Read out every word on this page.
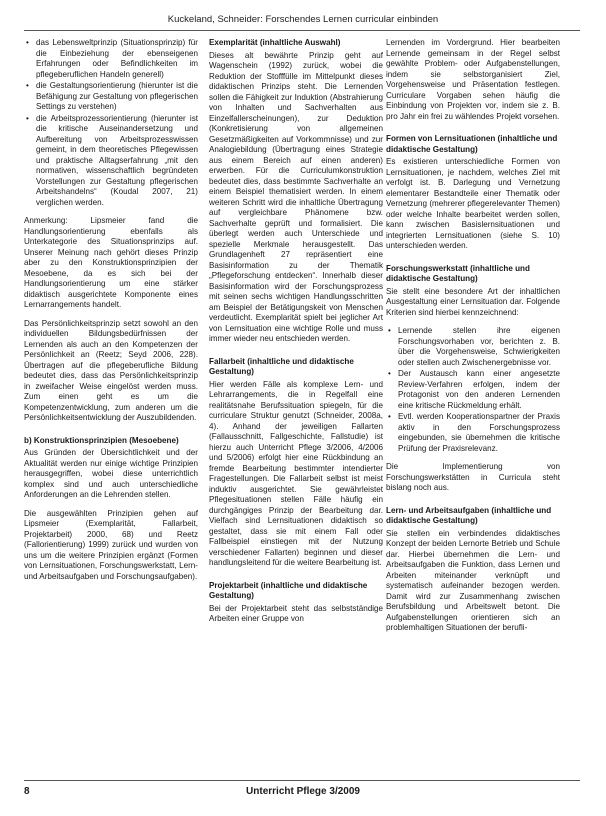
Kuckeland, Schneider: Forschendes Lernen curricular einbinden
• das Lebensweltprinzip (Situationsprinzip) für die Einbeziehung der ebenseigenen Erfahrungen oder Befindlichkeiten im pflegeberuflichen Handeln generell)
• die Gestaltungsorientierung (hierunter ist die Befähigung zur Gestaltung von pflegerischen Settings zu verstehen)
• die Arbeitsprozessorientierung (hierunter ist die kritische Auseinandersetzung und Aufbereitung von Arbeitsprozesswissen gemeint, in dem theoretisches Pflegewissen und praktische Alltagserfahrung „mit den normativen, wissenschaftlich begründeten Vorstellungen zur Gestaltung pflegerischen Arbeitshandelns“ (Koudal 2007, 21) verglichen werden.

Anmerkung: Lipsmeier fand die Handlungsorientierung ebenfalls als Unterkategorie des Situationsprinzips auf. Unserer Meinung nach gehört dieses Prinzip aber zu den Konstruktionsprinzipien der Mesoebene, da es sich bei der Handlungsorientierung um eine stärker didaktisch ausgerichtete Komponente eines Lernarrangements handelt.

Das Persönlichkeitsprinzip setzt sowohl an den individuellen Bildungsbedürfnissen der Lernenden als auch an den Kompetenzen der Persönlichkeit an (Reetz; Seyd 2006, 228). Übertragen auf die pflegeberufliche Bildung bedeutet dies, dass das Persönlichkeitsprinzip in zweifacher Weise eingelöst werden muss. Zum einen geht es um die Kompetenzentwicklung, zum anderen um die Persönlichkeitsentwicklung der Auszubildenden.

b) Konstruktionsprinzipien (Mesoebene)

Aus Gründen der Übersichtlichkeit und der Aktualität werden nur einige wichtige Prinzipien herausgegriffen, wobei diese unterrichtlich komplex sind und auch unterschiedliche Anforderungen an die Lehrenden stellen.

Die ausgewählten Prinzipien gehen auf Lipsmeier (Exemplarität, Fallarbeit, Projektarbeit) 2000, 68) und Reetz (Fallorientierung) 1999) zurück und wurden von uns um die weitere Prinzipien ergänzt (Formen von Lernsituationen, Forschungswerkstatt, Lern- und Arbeitsaufgaben und Forschungsaufgaben).

Exemplarität (inhaltliche Auswahl)

Dieses alt bewährte Prinzip geht auf Wagenschein (1992) zurück, wobei die Reduktion der Stofffülle im Mittelpunkt dieses didaktischen Prinzips steht. Die Lernenden sollen die Fähigkeit zur Induktion (Abstrahierung von Inhalten und Sachverhalten aus Einzelfallerscheinungen), zur Deduktion (Konkretisierung von allgemeinen Gesetzmäßigkeiten auf Vorkommnisse) und zur Analogiebildung (Übertragung eines Strategie aus einem Bereich auf einen anderen) erwerben. Für die Curriculumkonstruktion bedeutet dies, dass bestimmte Sachverhalte an einem Beispiel thematisiert werden. In einem weiteren Schritt wird die inhaltliche Übertragung auf vergleichbare Phänomene bzw. Sachverhalte geprüft und formalisiert. Die überlegt werden auch Unterschiede und spezielle Merkmale herausgestellt. Das Grundlagenheft 27 repräsentiert eine Basisinformation zu der Thematik „Pflegeforschung entdecken“. Innerhalb dieser Basisinformation wird der Forschungsprozess mit seinen sechs wichtigen Handlungsschritten am Beispiel der Betätigungskeit von Menschen verdeutlicht. Exemplarität spielt bei jeglicher Art von Lernsituation eine wichtige Rolle und muss immer wieder neu entschieden werden.

Fallarbeit (inhaltliche und didaktische Gestaltung)

Hier werden Fälle als komplexe Lern- und Lehrarrangements, die in Regelfall eine realitätsnahe Berufssituation spiegeln, für die curriculare Struktur genutzt (Schneider, 2008a, 4). Anhand der jeweiligen Fallarten (Fallausschnitt, Fallgeschichte, Fallstudie) ist hierzu auch Unterricht Pflege 3/2006, 4/2006 und 5/2006) erfolgt hier eine Rückbindung an fremde Bearbeitung bestimmter intendierter Fragestellungen. Die Fallarbeit selbst ist meist induktiv ausgerichtet. Sie gewährleistet Pflegesituationen stellen Fälle häufig ein durchgängiges Prinzip der Bearbeitung dar. Vielfach sind Lernsituationen didaktisch so gestaltet, dass sie mit einem Fall oder Fallbeispiel einstiegen mit der Nutzung verschiedener Fallarten) beginnen und dieser handlungsleitend für die weitere Bearbeitung ist.

Projektarbeit (inhaltliche und didaktische Gestaltung)

Bei der Projektarbeit steht das selbstständige Arbeiten einer Gruppe von

Lernenden im Vordergrund. Hier bearbeiten Lernende gemeinsam in der Regel selbst gewählte Problem- oder Aufgabenstellungen, indem sie selbstorganisiert Ziel, Vorgehensweise und Präsentation festlegen. Curriculare Vorgaben sehen häufig die Einbindung von Projekten vor, indem sie z. B. pro Jahr ein frei zu wählendes Projekt vorsehen.

Formen von Lernsituationen (inhaltliche und didaktische Gestaltung)

Es existieren unterschiedliche Formen von Lernsituationen, je nachdem, welches Ziel mit verfolgt ist. B. Darlegung und Vernetzung elementarer Bestandteile einer Thematik oder Vernetzung (mehrerer pflegerelevanter Themen) oder welche Inhalte bearbeitet werden sollen, kann zwischen Basislernsituationen und integrierten Lernsituationen (siehe S. 10) unterschieden werden.

Forschungswerkstatt (inhaltliche und didaktische Gestaltung)

Sie stellt eine besondere Art der inhaltlichen Ausgestaltung einer Lernsituation dar. Folgende Kriterien sind hierbei kennzeichnend:

• Lernende stellen ihre eigenen Forschungsvorhaben vor, berichten z. B. über die Vorgehensweise, Schwierigkeiten oder stellen auch Zwischenergebnisse vor.
• Der Austausch kann einer angesetzte Review-Verfahren erfolgen, indem der Protagonist von den anderen Lernenden eine kritische Rückmeldung erhält.
• Evtl. werden Kooperationspartner der Praxis aktiv in den Forschungsprozess eingebunden, sie übernehmen die kritische Prüfung der Praxisrelevanz.

Die Implementierung von Forschungswerkstätten in Curricula steht bislang noch aus.

Lern- und Arbeitsaufgaben (inhaltliche und didaktische Gestaltung)

Sie stellen ein verbindendes didaktisches Konzept der beiden Lernorte Betrieb und Schule dar. Hierbei übernehmen die Lern- und Arbeitsaufgaben die Funktion, dass Lernen und Arbeiten miteinander verknüpft und systematisch aufeinander bezogen werden. Damit wird zur Zusammenhang zwischen Berufsbildung und Arbeitswelt betont. Die Aufgabenstellungen orientieren sich an problemhaltigen Situationen der berufli-

8	Unterricht Pflege 3/2009
